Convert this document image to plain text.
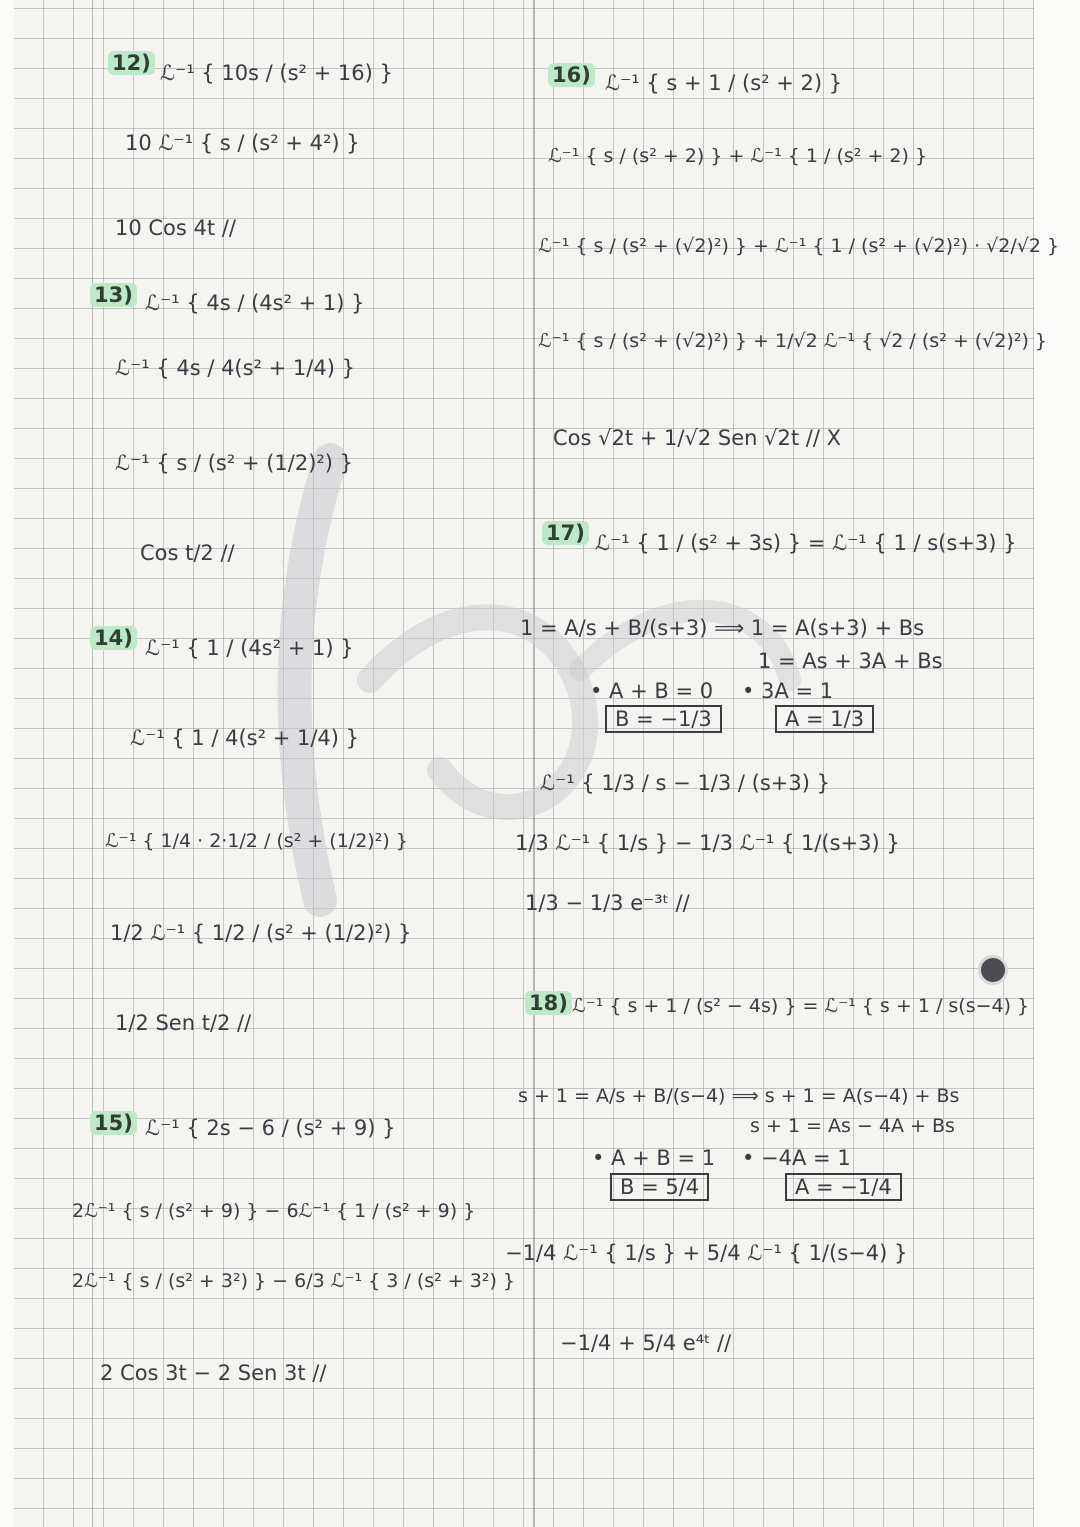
12) ℒ⁻¹ { 10s / (s² + 16) }
10 ℒ⁻¹ { s / (s² + 4²) }
10 Cos 4t //
13) ℒ⁻¹ { 4s / (4s² + 1) }
ℒ⁻¹ { 4s / 4(s² + 1/4) }
ℒ⁻¹ { s / (s² + (1/2)²) }
Cos t/2 //
14) ℒ⁻¹ { 1 / (4s² + 1) }
ℒ⁻¹ { 1 / 4(s² + 1/4) }
ℒ⁻¹ { 1/4 · 2·1/2 / (s² + (1/2)²) }
1/2 ℒ⁻¹ { 1/2 / (s² + (1/2)²) }
1/2 Sen t/2 //
15) ℒ⁻¹ { 2s − 6 / (s² + 9) }
2ℒ⁻¹ { s / (s² + 9) } − 6ℒ⁻¹ { 1 / (s² + 9) }
2ℒ⁻¹ { s / (s² + 3²) } − 6/3 ℒ⁻¹ { 3 / (s² + 3²) }
2 Cos 3t − 2 Sen 3t //
16) ℒ⁻¹ { s + 1 / (s² + 2) }
ℒ⁻¹ { s / (s² + 2) } + ℒ⁻¹ { 1 / (s² + 2) }
ℒ⁻¹ { s / (s² + (√2)²) } + ℒ⁻¹ { 1 / (s² + (√2)²) · √2/√2 }
ℒ⁻¹ { s / (s² + (√2)²) } + 1/√2 ℒ⁻¹ { √2 / (s² + (√2)²) }
Cos √2t + 1/√2 Sen √2t // X
17) ℒ⁻¹ { 1 / (s² + 3s) } = ℒ⁻¹ { 1 / s(s+3) }
1 = A/s + B/(s+3) ⟹ 1 = A(s+3) + Bs
1 = As + 3A + Bs
• A + B = 0 • 3A = 1
B = −1/3	A = 1/3
ℒ⁻¹ { 1/3 / s − 1/3 / (s+3) }
1/3 ℒ⁻¹ { 1/s } − 1/3 ℒ⁻¹ { 1/(s+3) }
1/3 − 1/3 e⁻³ᵗ //
18) ℒ⁻¹ { s + 1 / (s² − 4s) } = ℒ⁻¹ { s + 1 / s(s−4) }
s + 1 = A/s + B/(s−4) ⟹ s + 1 = A(s−4) + Bs
s + 1 = As − 4A + Bs
• A + B = 1 • −4A = 1
B = 5/4	A = −1/4
−1/4 ℒ⁻¹ { 1/s } + 5/4 ℒ⁻¹ { 1/(s−4) }
−1/4 + 5/4 e⁴ᵗ //
